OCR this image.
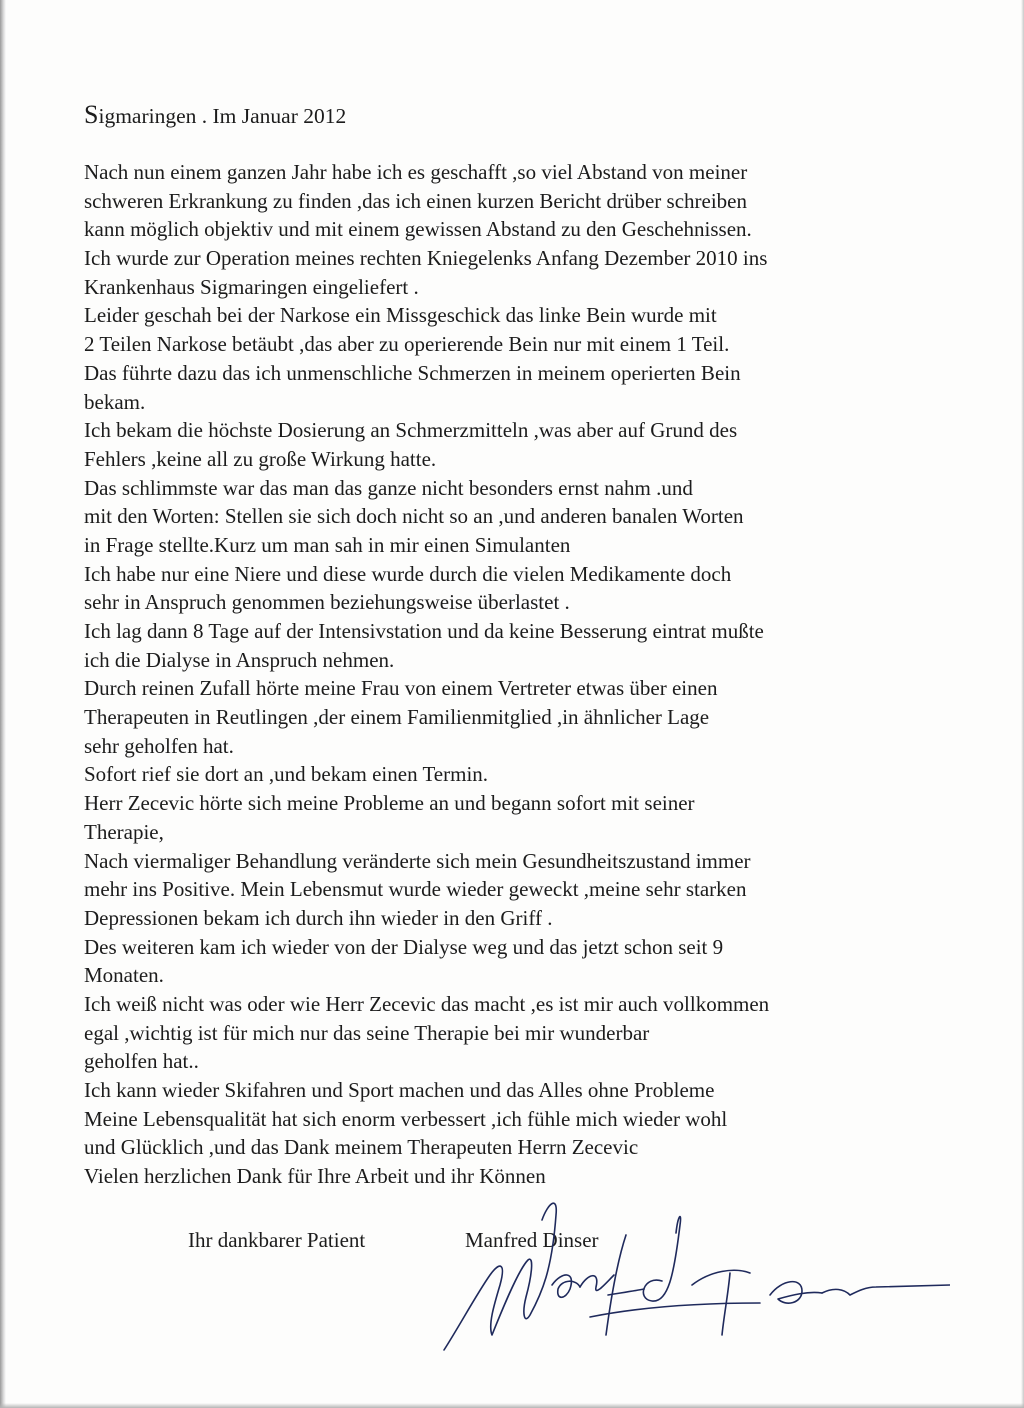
Sigmaringen . Im Januar 2012
Nach nun einem ganzen Jahr habe ich es geschafft ,so viel Abstand von meiner
schweren Erkrankung zu finden ,das ich einen kurzen Bericht drüber schreiben
kann möglich objektiv und mit einem gewissen Abstand zu den Geschehnissen.
Ich wurde zur Operation meines rechten Kniegelenks Anfang Dezember 2010 ins
Krankenhaus Sigmaringen eingeliefert .
Leider geschah bei der Narkose ein Missgeschick das linke Bein wurde mit
2 Teilen Narkose betäubt ,das aber zu operierende Bein nur mit einem 1 Teil.
Das führte dazu das ich unmenschliche Schmerzen in meinem operierten Bein
bekam.
Ich bekam die höchste Dosierung an Schmerzmitteln ,was aber auf Grund des
Fehlers ,keine all zu große Wirkung hatte.
Das schlimmste war das man das ganze nicht besonders ernst nahm .und
mit den Worten: Stellen sie sich doch nicht so an ,und anderen banalen Worten
in Frage stellte.Kurz um man sah in mir einen Simulanten
Ich habe nur eine Niere und diese wurde durch die vielen Medikamente doch
sehr in Anspruch genommen beziehungsweise überlastet .
Ich lag dann 8 Tage auf der Intensivstation und da keine Besserung eintrat mußte
ich die Dialyse in Anspruch nehmen.
Durch reinen Zufall hörte meine Frau von einem Vertreter etwas über einen
Therapeuten in Reutlingen ,der einem Familienmitglied ,in ähnlicher Lage
sehr geholfen hat.
Sofort rief sie dort an ,und bekam einen Termin.
Herr Zecevic hörte sich meine Probleme an und begann sofort mit seiner
Therapie,
Nach viermaliger Behandlung veränderte sich mein Gesundheitszustand immer
mehr ins Positive. Mein Lebensmut wurde wieder geweckt ,meine sehr starken
Depressionen bekam ich durch ihn wieder in den Griff .
Des weiteren kam ich wieder von der Dialyse weg und das jetzt schon seit 9
Monaten.
Ich weiß nicht was oder wie Herr Zecevic das macht ,es ist mir auch vollkommen
egal ,wichtig ist für mich nur das seine Therapie bei mir wunderbar
geholfen hat..
Ich kann wieder Skifahren und Sport machen und das Alles ohne Probleme
Meine Lebensqualität hat sich enorm verbessert ,ich fühle mich wieder wohl
und Glücklich ,und das Dank meinem Therapeuten Herrn Zecevic
Vielen herzlichen Dank für Ihre Arbeit und ihr Können
Ihr dankbarer Patient	Manfred Dinser
